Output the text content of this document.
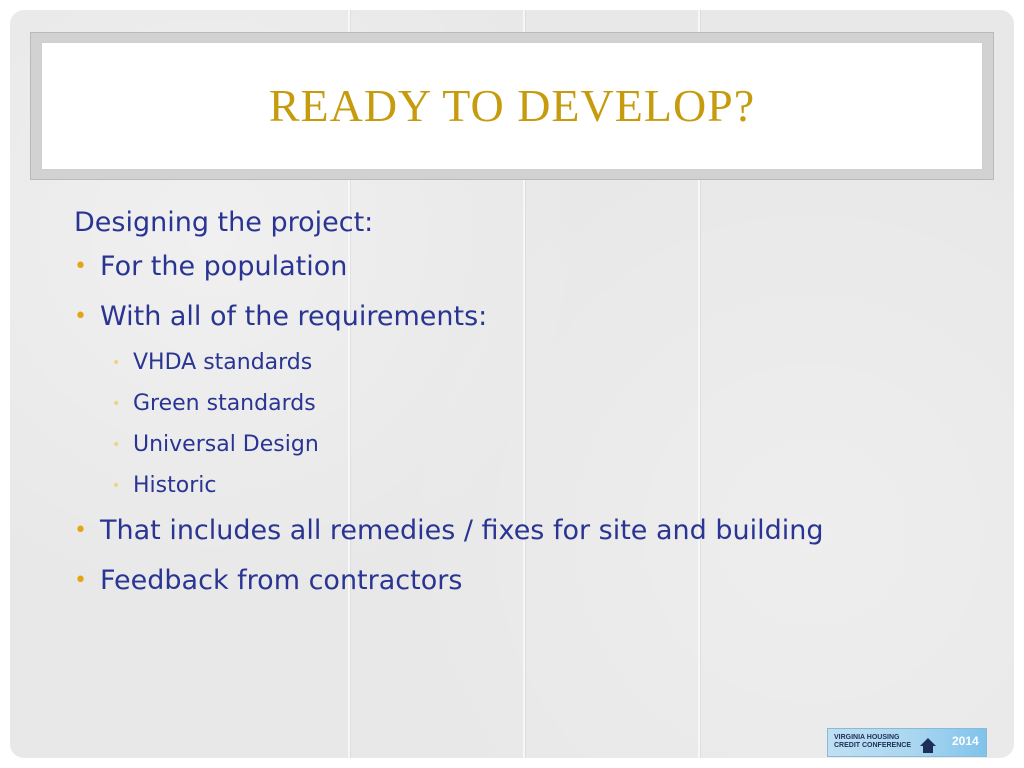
READY TO DEVELOP?
Designing the project:
• For the population
• With all of the requirements:
• VHDA standards
• Green standards
• Universal Design
• Historic
• That includes all remedies / fixes for site and building
• Feedback from contractors
VIRGINIA HOUSING
CREDIT CONFERENCE	2014
